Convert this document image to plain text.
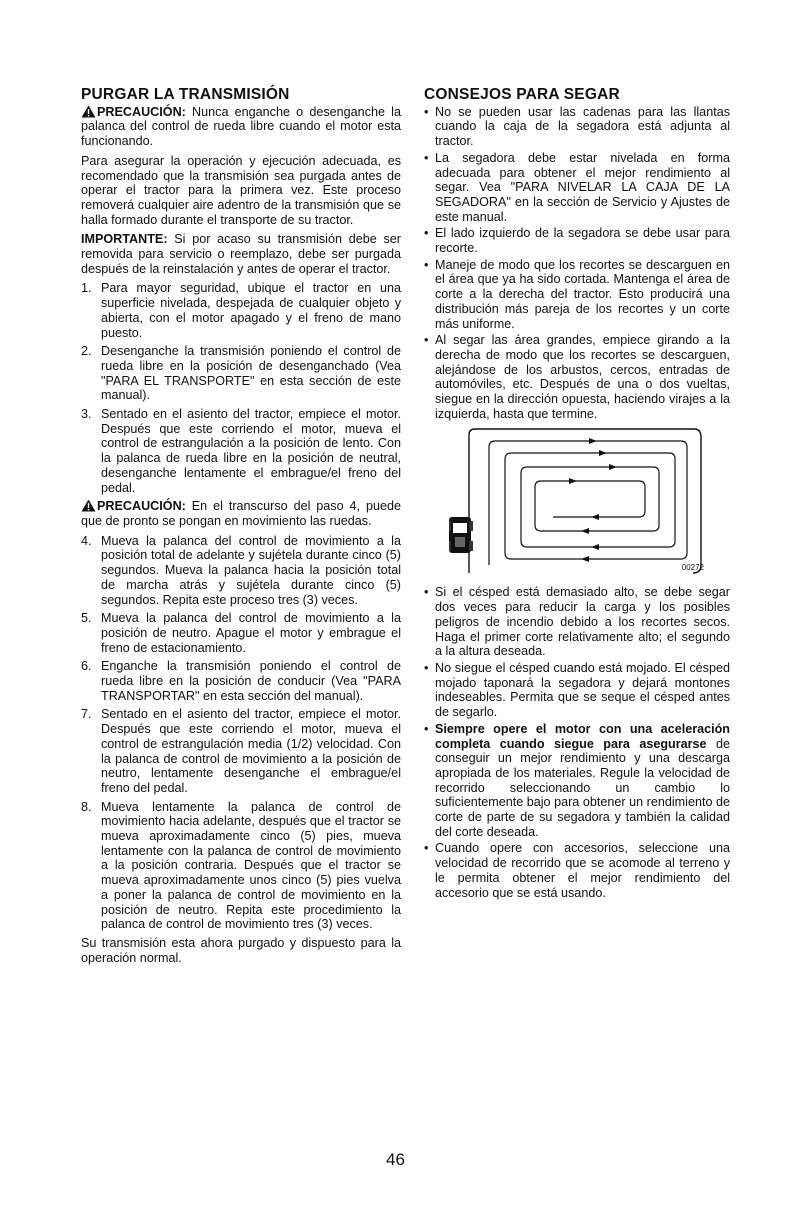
PURGAR LA TRANSMISIÓN

PRECAUCIÓN: Nunca enganche o desenganche la palanca del control de rueda libre cuando el motor esta funcionando.

Para asegurar la operación y ejecución adecuada, es recomendado que la transmisión sea purgada antes de operar el tractor para la primera vez. Este proceso removerá cualquier aire adentro de la transmisión que se halla formado durante el transporte de su tractor.

IMPORTANTE: Si por acaso su transmisión debe ser removida para servicio o reemplazo, debe ser purgada después de la reinstalación y antes de operar el tractor.

1. Para mayor seguridad, ubique el tractor en una superficie nivelada, despejada de cualquier objeto y abierta, con el motor apagado y el freno de mano puesto.
2. Desenganche la transmisión poniendo el control de rueda libre en la posición de desenganchado (Vea "PARA EL TRANSPORTE" en esta sección de este manual).
3. Sentado en el asiento del tractor, empiece el motor. Después que este corriendo el motor, mueva el control de estrangulación a la posición de lento. Con la palanca de rueda libre en la posición de neutral, desenganche lentamente el embrague/el freno del pedal.

PRECAUCIÓN: En el transcurso del paso 4, puede que de pronto se pongan en movimiento las ruedas.

4. Mueva la palanca del control de movimiento a la posición total de adelante y sujétela durante cinco (5) segundos. Mueva la palanca hacia la posición total de marcha atrás y sujétela durante cinco (5) segundos. Repita este proceso tres (3) veces.
5. Mueva la palanca del control de movimiento a la posición de neutro. Apague el motor y embrague el freno de estacionamiento.
6. Enganche la transmisión poniendo el control de rueda libre en la posición de conducir (Vea "PARA TRANSPORTAR" en esta sección del manual).
7. Sentado en el asiento del tractor, empiece el motor. Después que este corriendo el motor, mueva el control de estrangulación media (1/2) velocidad. Con la palanca de control de movimiento a la posición de neutro, lentamente desenganche el embrague/el freno del pedal.
8. Mueva lentamente la palanca de control de movimiento hacia adelante, después que el tractor se mueva aproximadamente cinco (5) pies, mueva lentamente con la palanca de control de movimiento a la posición contraria. Después que el tractor se mueva aproximadamente unos cinco (5) pies vuelva a poner la palanca de control de movimiento en la posición de neutro. Repita este procedimiento la palanca de control de movimiento tres (3) veces.

Su transmisión esta ahora purgado y dispuesto para la operación normal.

CONSEJOS PARA SEGAR
• No se pueden usar las cadenas para las llantas cuando la caja de la segadora está adjunta al tractor.
• La segadora debe estar nivelada en forma adecuada para obtener el mejor rendimiento al segar. Vea "PARA NIVELAR LA CAJA DE LA SEGADORA" en la sección de Servicio y Ajustes de este manual.
• El lado izquierdo de la segadora se debe usar para recorte.
• Maneje de modo que los recortes se descarguen en el área que ya ha sido cortada. Mantenga el área de corte a la derecha del tractor. Esto producirá una distribución más pareja de los recortes y un corte más uniforme.
• Al segar las área grandes, empiece girando a la derecha de modo que los recortes se descarguen, alejándose de los arbustos, cercos, entradas de automóviles, etc. Después de una o dos vueltas, siegue en la dirección opuesta, haciendo virajes a la izquierda, hasta que termine.
00272
• Si el césped está demasiado alto, se debe segar dos veces para reducir la carga y los posibles peligros de incendio debido a los recortes secos. Haga el primer corte relativamente alto; el segundo a la altura deseada.
• No siegue el césped cuando está mojado. El césped mojado taponará la segadora y dejará montones indeseables. Permita que se seque el césped antes de segarlo.
• Siempre opere el motor con una aceleración completa cuando siegue para asegurarse de conseguir un mejor rendimiento y una descarga apropiada de los materiales. Regule la velocidad de recorrido seleccionando un cambio lo suficientemente bajo para obtener un rendimiento de corte de parte de su segadora y también la calidad del corte deseada.
• Cuando opere con accesorios, seleccione una velocidad de recorrido que se acomode al terreno y le permita obtener el mejor rendimiento del accesorio que se está usando.
46
